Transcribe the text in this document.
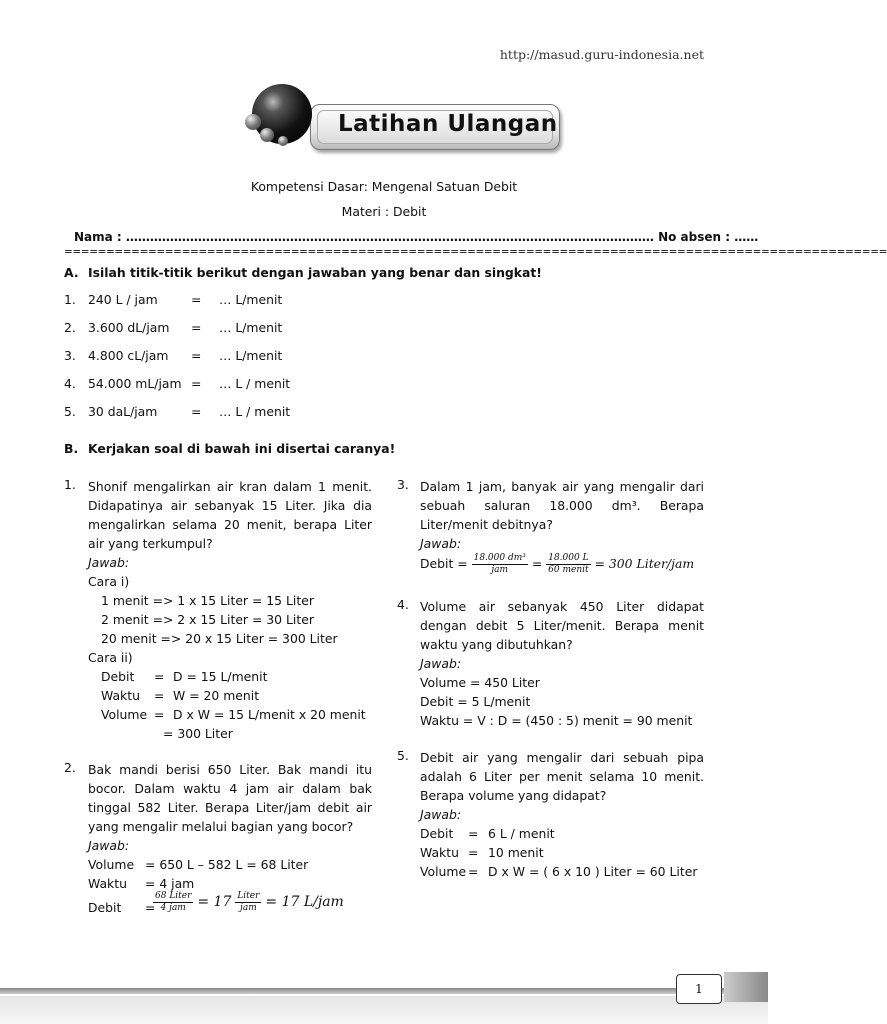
http://masud.guru-indonesia.net
Latihan Ulangan
Kompetensi Dasar: Mengenal Satuan Debit
Materi : Debit
Nama : …………………………………………………………………………………………………………………… No absen : ……
==================================================================================================
A. Isilah titik-titik berikut dengan jawaban yang benar dan singkat!
1. 240 L / jam	= … L/menit
2. 3.600 dL/jam = … L/menit
3. 4.800 cL/jam = … L/menit
4. 54.000 mL/jam = … L / menit
5. 30 daL/jam	= … L / menit
B. Kerjakan soal di bawah ini disertai caranya!
1. Shonif mengalirkan air kran dalam 1 menit.
Didapatinya air sebanyak 15 Liter. Jika dia
mengalirkan selama 20 menit, berapa Liter
air yang terkumpul?
Jawab:
Cara i)
1 menit => 1 x 15 Liter = 15 Liter
2 menit => 2 x 15 Liter = 30 Liter
20 menit => 20 x 15 Liter = 300 Liter
Cara ii)
Debit = D = 15 L/menit
Waktu = W = 20 menit
Volume = D x W = 15 L/menit x 20 menit
= 300 Liter
2. Bak mandi berisi 650 Liter. Bak mandi itu
bocor. Dalam waktu 4 jam air dalam bak
tinggal 582 Liter. Berapa Liter/jam debit air
yang mengalir melalui bagian yang bocor?
Jawab:
Volume = 650 L – 582 L = 68 Liter
Waktu = 4 jam
Debit =
$\frac{\text{68 Liter}}{\text{4 jam}} = 17 \frac{\text{Liter}}{\text{jam}} = 17$ L/jam
3. Dalam 1 jam, banyak air yang mengalir dari
sebuah saluran 18.000 dm³. Berapa
Liter/menit debitnya?
Jawab:
Debit = $\frac{\text{18.000 dm³}}{\text{jam}} = \frac{18.000 L}{\text{60 menit}} = 300$ Liter/jam
4. Volume air sebanyak 450 Liter didapat
dengan debit 5 Liter/menit. Berapa menit
waktu yang dibutuhkan?
Jawab:
Volume = 450 Liter
Debit = 5 L/menit
Waktu = V : D = (450 : 5) menit = 90 menit
5. Debit air yang mengalir dari sebuah pipa
adalah 6 Liter per menit selama 10 menit.
Berapa volume yang didapat?
Jawab:
Debit = 6 L / menit
Waktu = 10 menit
Volume = D x W = ( 6 x 10 ) Liter = 60 Liter
1
